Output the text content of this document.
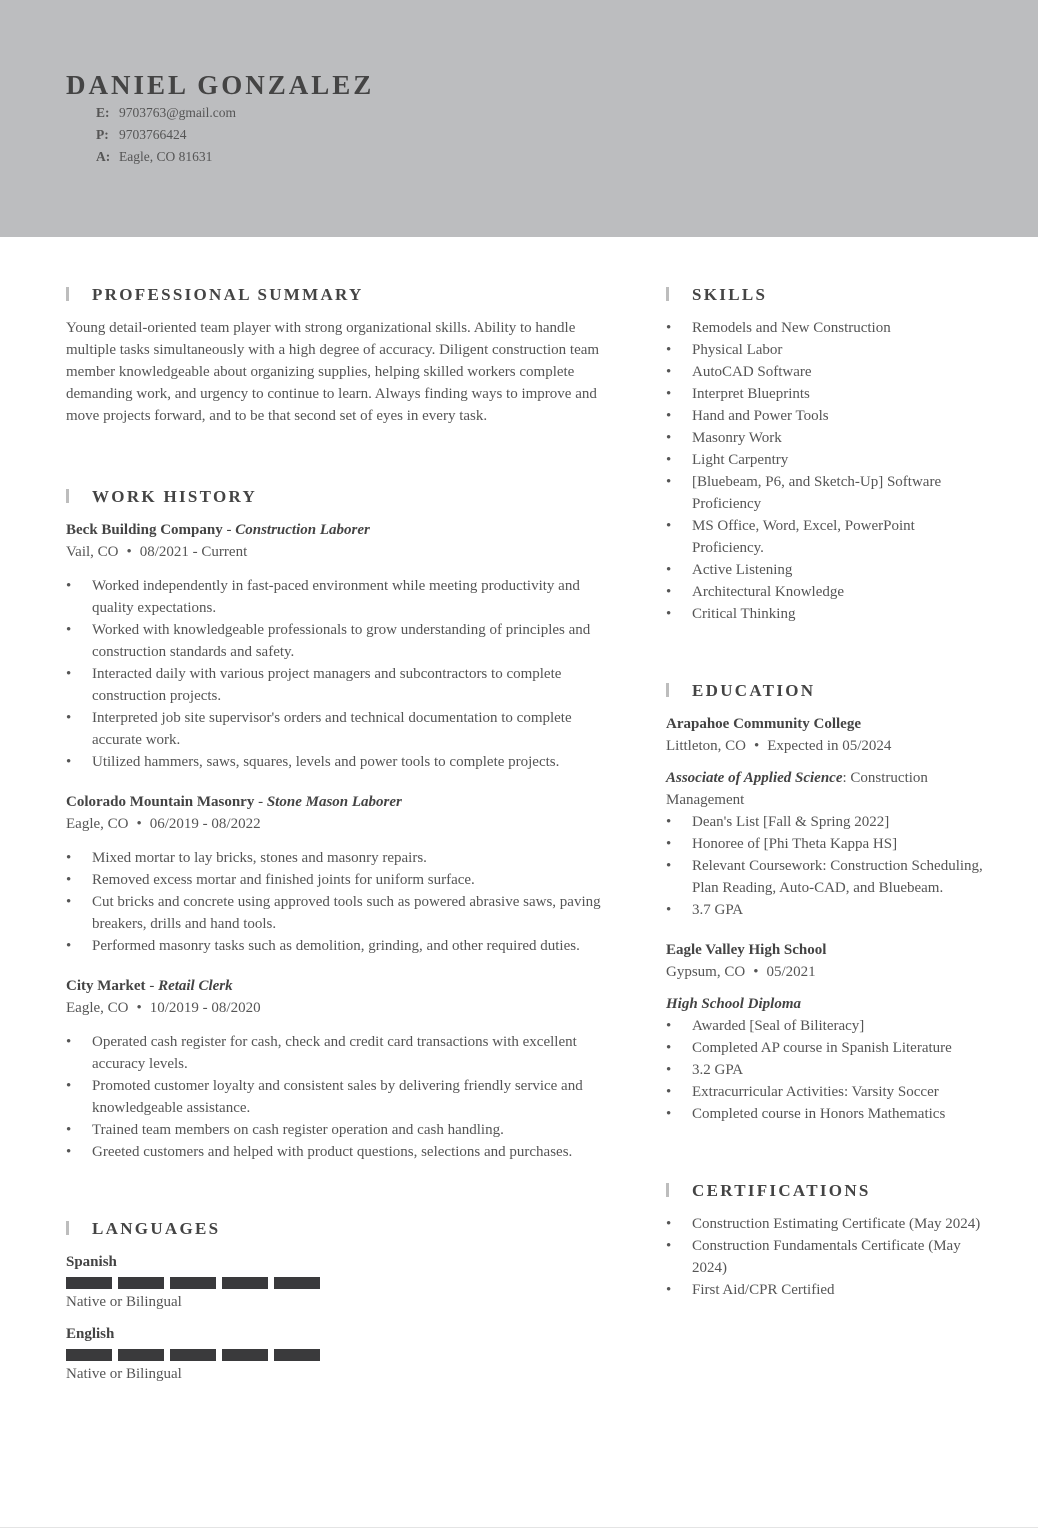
DANIEL GONZALEZ
E: 9703763@gmail.com
P: 9703766424
A: Eagle, CO 81631
PROFESSIONAL SUMMARY

Young detail-oriented team player with strong organizational skills. Ability to handle multiple tasks simultaneously with a high degree of accuracy. Diligent construction team member knowledgeable about organizing supplies, helping skilled workers complete demanding work, and urgency to continue to learn. Always finding ways to improve and move projects forward, and to be that second set of eyes in every task.

WORK HISTORY
Beck Building Company - Construction Laborer
Vail, CO • 08/2021 - Current
• Worked independently in fast-paced environment while meeting productivity and quality expectations.
• Worked with knowledgeable professionals to grow understanding of principles and construction standards and safety.
• Interacted daily with various project managers and subcontractors to complete construction projects.
• Interpreted job site supervisor's orders and technical documentation to complete accurate work.
• Utilized hammers, saws, squares, levels and power tools to complete projects.
Colorado Mountain Masonry - Stone Mason Laborer
Eagle, CO • 06/2019 - 08/2022
• Mixed mortar to lay bricks, stones and masonry repairs.
• Removed excess mortar and finished joints for uniform surface.
• Cut bricks and concrete using approved tools such as powered abrasive saws, paving breakers, drills and hand tools.
• Performed masonry tasks such as demolition, grinding, and other required duties.
City Market - Retail Clerk
Eagle, CO • 10/2019 - 08/2020
• Operated cash register for cash, check and credit card transactions with excellent accuracy levels.
• Promoted customer loyalty and consistent sales by delivering friendly service and knowledgeable assistance.
• Trained team members on cash register operation and cash handling.
• Greeted customers and helped with product questions, selections and purchases.
LANGUAGES
Spanish
Native or Bilingual
English
Native or Bilingual
SKILLS
• Remodels and New Construction
• Physical Labor
• AutoCAD Software
• Interpret Blueprints
• Hand and Power Tools
• Masonry Work
• Light Carpentry
• [Bluebeam, P6, and Sketch-Up] Software Proficiency
• MS Office, Word, Excel, PowerPoint Proficiency.
• Active Listening
• Architectural Knowledge
• Critical Thinking
EDUCATION
Arapahoe Community College
Littleton, CO • Expected in 05/2024
Associate of Applied Science: Construction Management
• Dean's List [Fall & Spring 2022]
• Honoree of [Phi Theta Kappa HS]
• Relevant Coursework: Construction Scheduling, Plan Reading, Auto-CAD, and Bluebeam.
• 3.7 GPA
Eagle Valley High School
Gypsum, CO • 05/2021
High School Diploma
• Awarded [Seal of Biliteracy]
• Completed AP course in Spanish Literature
• 3.2 GPA
• Extracurricular Activities: Varsity Soccer
• Completed course in Honors Mathematics
CERTIFICATIONS
• Construction Estimating Certificate (May 2024)
• Construction Fundamentals Certificate (May 2024)
• First Aid/CPR Certified
